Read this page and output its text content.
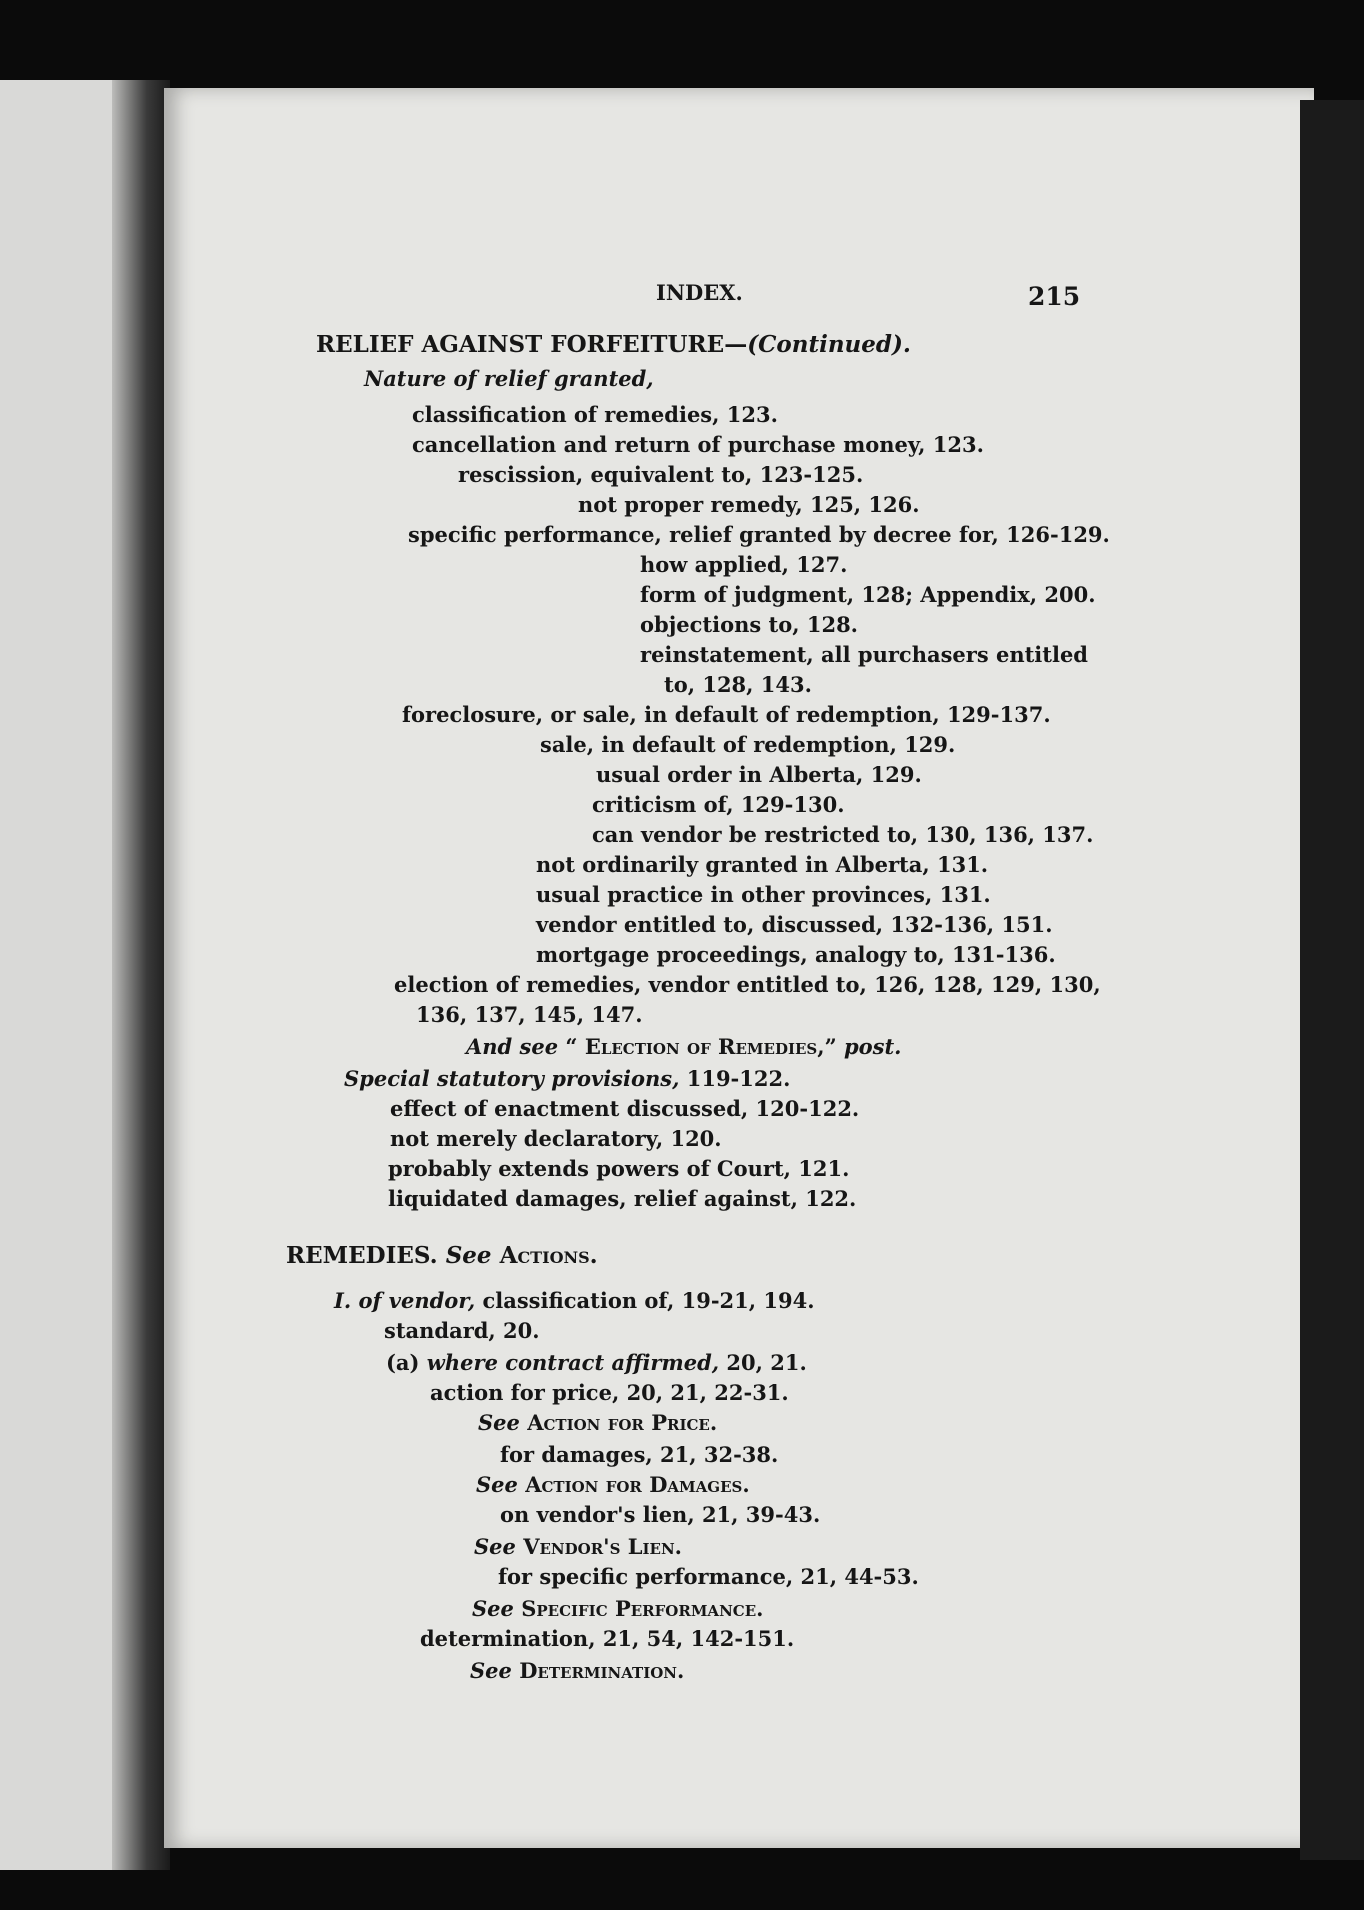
INDEX.	215
RELIEF AGAINST FORFEITURE—(Continued).
Nature of relief granted,
classification of remedies, 123.
cancellation and return of purchase money, 123.
rescission, equivalent to, 123-125.
not proper remedy, 125, 126.
specific performance, relief granted by decree for, 126-129.
how applied, 127.
form of judgment, 128; Appendix, 200.
objections to, 128.
reinstatement, all purchasers entitled
to, 128, 143.
foreclosure, or sale, in default of redemption, 129-137.
sale, in default of redemption, 129.
usual order in Alberta, 129.
criticism of, 129-130.
can vendor be restricted to, 130, 136, 137.
not ordinarily granted in Alberta, 131.
usual practice in other provinces, 131.
vendor entitled to, discussed, 132-136, 151.
mortgage proceedings, analogy to, 131-136.
election of remedies, vendor entitled to, 126, 128, 129, 130,
136, 137, 145, 147.
And see “ Election of Remedies,” post.
Special statutory provisions, 119-122.
effect of enactment discussed, 120-122.
not merely declaratory, 120.
probably extends powers of Court, 121.
liquidated damages, relief against, 122.
REMEDIES. See Actions.
I. of vendor, classification of, 19-21, 194.
standard, 20.
(a) where contract affirmed, 20, 21.
action for price, 20, 21, 22-31.
See Action for Price.
for damages, 21, 32-38.
See Action for Damages.
on vendor's lien, 21, 39-43.
See Vendor's Lien.
for specific performance, 21, 44-53.
See Specific Performance.
determination, 21, 54, 142-151.
See Determination.
